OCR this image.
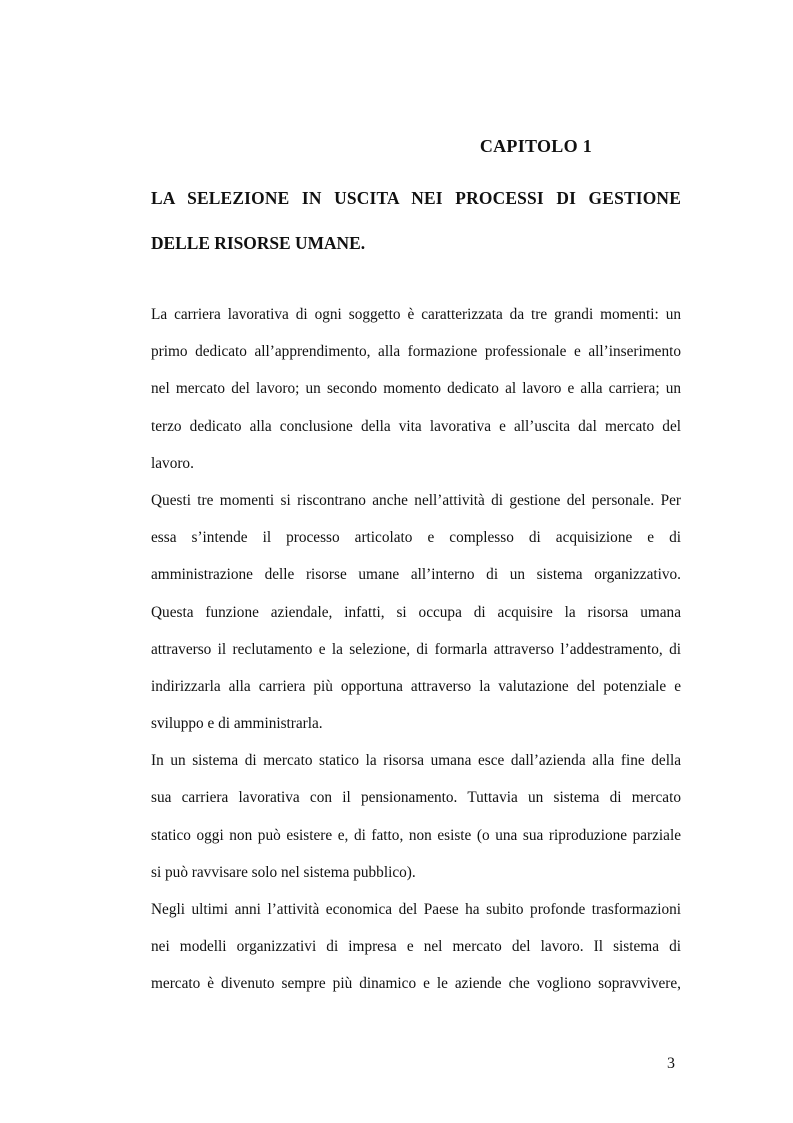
CAPITOLO 1
LA SELEZIONE IN USCITA NEI PROCESSI DI GESTIONE
DELLE RISORSE UMANE.
La carriera lavorativa di ogni soggetto è caratterizzata da tre grandi momenti: un
primo dedicato all’apprendimento, alla formazione professionale e all’inserimento
nel mercato del lavoro; un secondo momento dedicato al lavoro e alla carriera; un
terzo dedicato alla conclusione della vita lavorativa e all’uscita dal mercato del
lavoro.
Questi tre momenti si riscontrano anche nell’attività di gestione del personale. Per
essa s’intende il processo articolato e complesso di acquisizione e di
amministrazione delle risorse umane all’interno di un sistema organizzativo.
Questa funzione aziendale, infatti, si occupa di acquisire la risorsa umana
attraverso il reclutamento e la selezione, di formarla attraverso l’addestramento, di
indirizzarla alla carriera più opportuna attraverso la valutazione del potenziale e
sviluppo e di amministrarla.
In un sistema di mercato statico la risorsa umana esce dall’azienda alla fine della
sua carriera lavorativa con il pensionamento. Tuttavia un sistema di mercato
statico oggi non può esistere e, di fatto, non esiste (o una sua riproduzione parziale
si può ravvisare solo nel sistema pubblico).
Negli ultimi anni l’attività economica del Paese ha subito profonde trasformazioni
nei modelli organizzativi di impresa e nel mercato del lavoro. Il sistema di
mercato è divenuto sempre più dinamico e le aziende che vogliono sopravvivere,
3
